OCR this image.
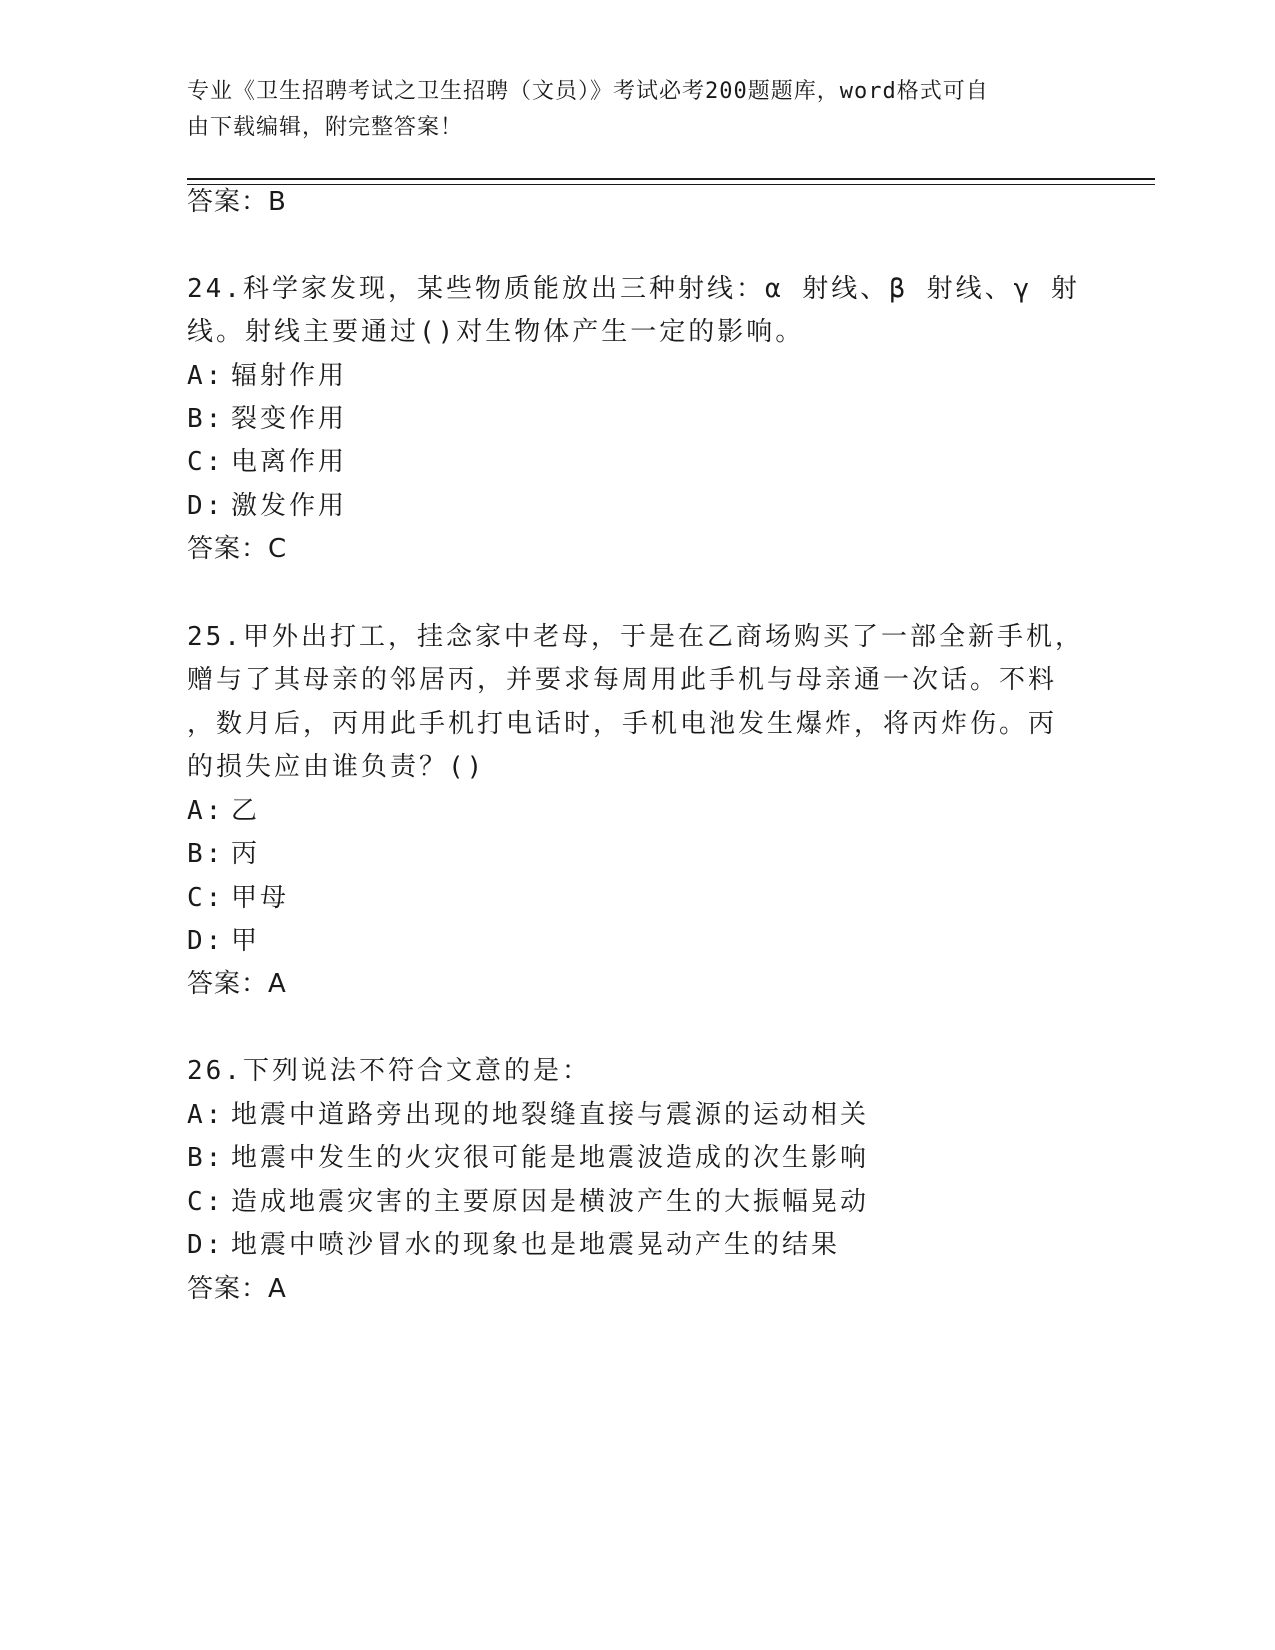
专业《卫生招聘考试之卫生招聘（文员）》考试必考200题题库，word格式可自
由下载编辑，附完整答案！
答案：B
24.科学家发现，某些物质能放出三种射线：α 射线、β 射线、γ 射
线。射线主要通过()对生物体产生一定的影响。
A: 辐射作用
B: 裂变作用
C: 电离作用
D: 激发作用
答案：C
25.甲外出打工，挂念家中老母，于是在乙商场购买了一部全新手机，
赠与了其母亲的邻居丙，并要求每周用此手机与母亲通一次话。不料
，数月后，丙用此手机打电话时，手机电池发生爆炸，将丙炸伤。丙
的损失应由谁负责？()
A: 乙
B: 丙
C: 甲母
D: 甲
答案：A
26.下列说法不符合文意的是：
A: 地震中道路旁出现的地裂缝直接与震源的运动相关
B: 地震中发生的火灾很可能是地震波造成的次生影响
C: 造成地震灾害的主要原因是横波产生的大振幅晃动
D: 地震中喷沙冒水的现象也是地震晃动产生的结果
答案：A
